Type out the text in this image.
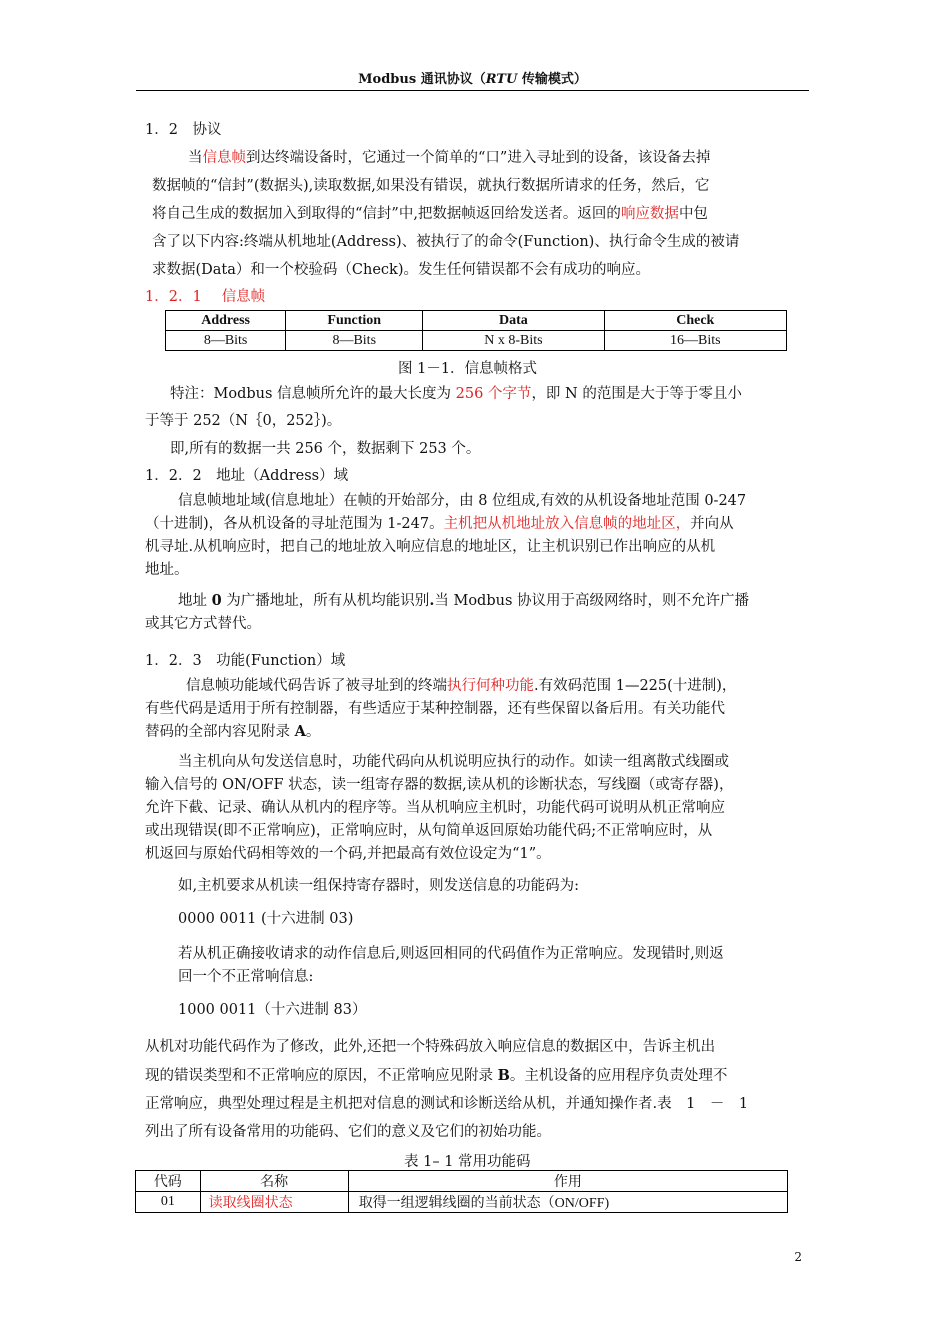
Modbus 通讯协议（RTU 传输模式）
1．2　协议
当信息帧到达终端设备时，它通过一个简单的“口”进入寻址到的设备，该设备去掉
数据帧的“信封”(数据头),读取数据,如果没有错误，就执行数据所请求的任务，然后，它
将自己生成的数据加入到取得的“信封”中,把数据帧返回给发送者。返回的响应数据中包
含了以下内容:终端从机地址(Address)、被执行了的命令(Function)、执行命令生成的被请
求数据(Data）和一个校验码（Check)。发生任何错误都不会有成功的响应。
1．2．1 信息帧
Address	Function	Data	Check
8—Bits	8—Bits	N x 8-Bits	16—Bits
图 1－1．信息帧格式
特注：Modbus 信息帧所允许的最大长度为 256 个字节，即 N 的范围是大于等于零且小
于等于 252（N｛0，252｝)。
即,所有的数据一共 256 个，数据剩下 253 个。
1．2．2　地址（Address）域
信息帧地址域(信息地址）在帧的开始部分，由 8 位组成,有效的从机设备地址范围 0-247
（十进制)，各从机设备的寻址范围为 1-247。主机把从机地址放入信息帧的地址区，并向从
机寻址.从机响应时，把自己的地址放入响应信息的地址区，让主机识别已作出响应的从机
地址。
地址 0 为广播地址，所有从机均能识别.当 Modbus 协议用于高级网络时，则不允许广播
或其它方式替代。
1．2．3　功能(Function）域
信息帧功能域代码告诉了被寻址到的终端执行何种功能.有效码范围 1—225(十进制)，
有些代码是适用于所有控制器，有些适应于某种控制器，还有些保留以备后用。有关功能代
替码的全部内容见附录 A。
当主机向从句发送信息时，功能代码向从机说明应执行的动作。如读一组离散式线圈或
输入信号的 ON/OFF 状态，读一组寄存器的数据,读从机的诊断状态，写线圈（或寄存器)，
允许下截、记录、确认从机内的程序等。当从机响应主机时，功能代码可说明从机正常响应
或出现错误(即不正常响应)，正常响应时，从句简单返回原始功能代码;不正常响应时，从
机返回与原始代码相等效的一个码,并把最高有效位设定为“1”。
如,主机要求从机读一组保持寄存器时，则发送信息的功能码为:
0000 0011 (十六进制 03)
若从机正确接收请求的动作信息后,则返回相同的代码值作为正常响应。发现错时,则返
回一个不正常响信息:
1000 0011（十六进制 83）
从机对功能代码作为了修改，此外,还把一个特殊码放入响应信息的数据区中，告诉主机出
现的错误类型和不正常响应的原因，不正常响应见附录 B。主机设备的应用程序负责处理不
正常响应，典型处理过程是主机把对信息的测试和诊断送给从机，并通知操作者.表　1　－　1
列出了所有设备常用的功能码、它们的意义及它们的初始功能。
表 1– 1 常用功能码
代码	名称	作用
01	读取线圈状态	取得一组逻辑线圈的当前状态（ON/OFF)
2
